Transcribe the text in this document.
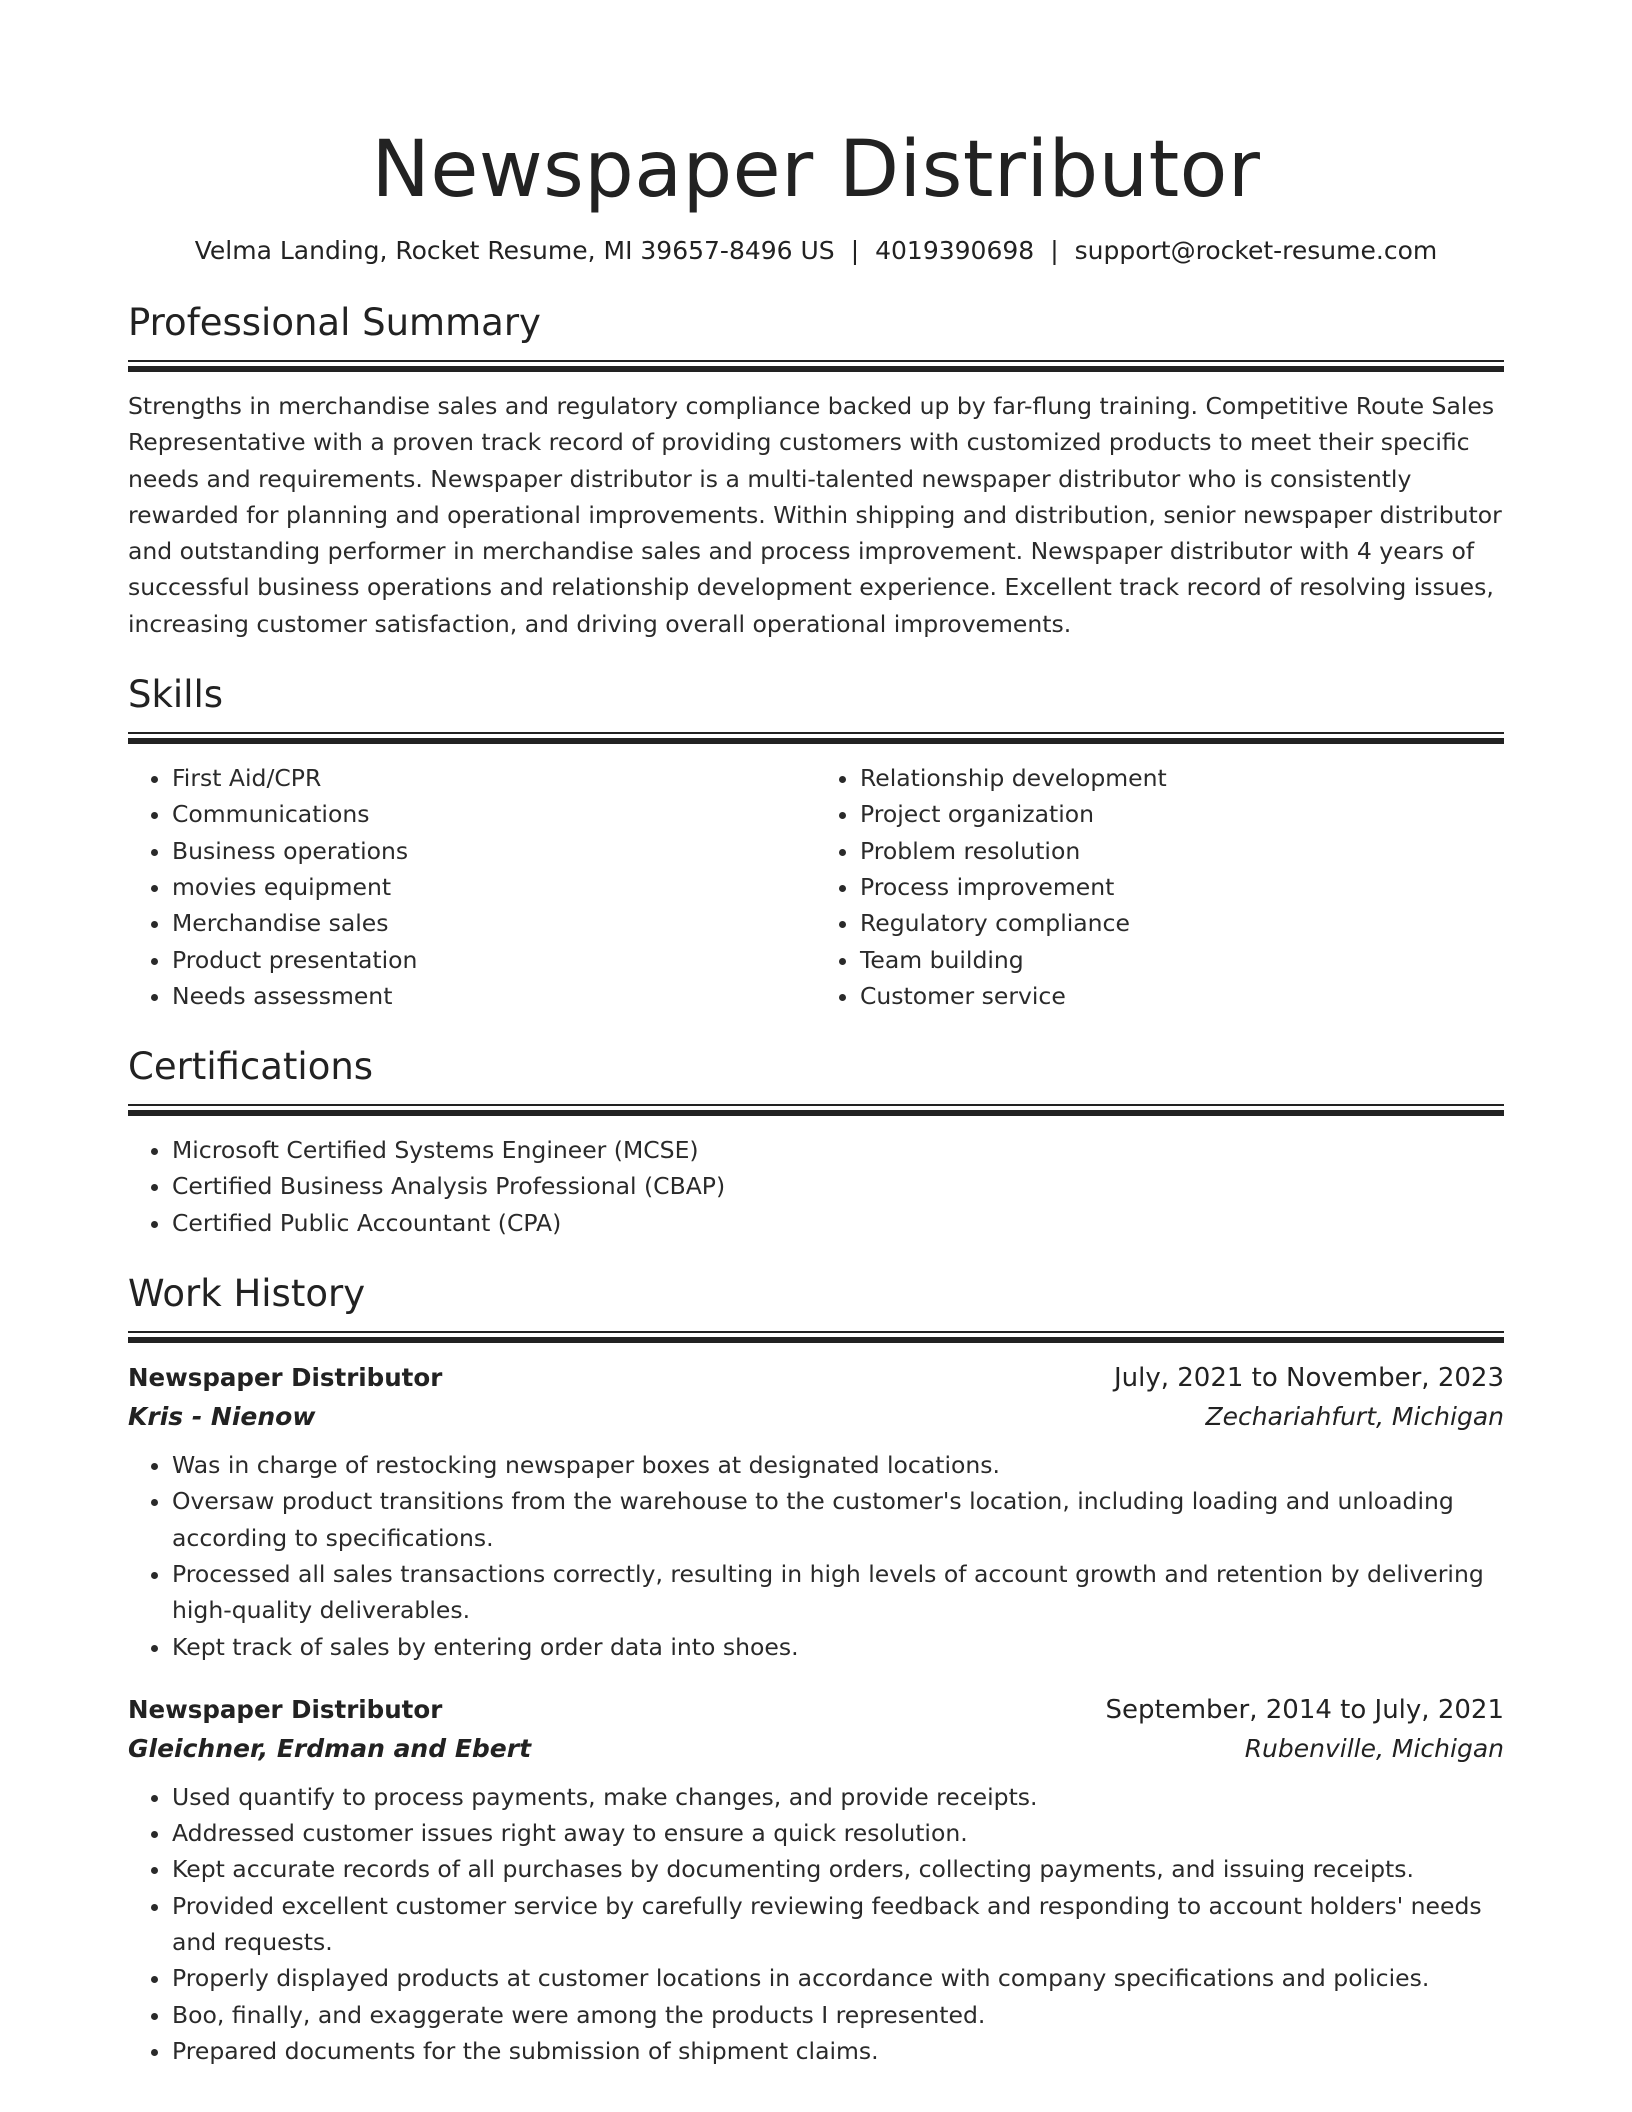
Newspaper Distributor
Velma Landing, Rocket Resume, MI 39657-8496 US | 4019390698 | support@rocket-resume.com
Professional Summary

Strengths in merchandise sales and regulatory compliance backed up by far-flung training. Competitive Route Sales Representative with a proven track record of providing customers with customized products to meet their specific needs and requirements. Newspaper distributor is a multi-talented newspaper distributor who is consistently rewarded for planning and operational improvements. Within shipping and distribution, senior newspaper distributor and outstanding performer in merchandise sales and process improvement. Newspaper distributor with 4 years of successful business operations and relationship development experience. Excellent track record of resolving issues, increasing customer satisfaction, and driving overall operational improvements.

Skills
• First Aid/CPR
• Communications
• Business operations
• movies equipment
• Merchandise sales
• Product presentation
• Needs assessment
• Relationship development
• Project organization
• Problem resolution
• Process improvement
• Regulatory compliance
• Team building
• Customer service
Certifications
• Microsoft Certified Systems Engineer (MCSE)
• Certified Business Analysis Professional (CBAP)
• Certified Public Accountant (CPA)
Work History
Newspaper Distributor	July, 2021 to November, 2023
Kris - Nienow	Zechariahfurt, Michigan
• Was in charge of restocking newspaper boxes at designated locations.
• Oversaw product transitions from the warehouse to the customer's location, including loading and unloading according to specifications.
• Processed all sales transactions correctly, resulting in high levels of account growth and retention by delivering high-quality deliverables.
• Kept track of sales by entering order data into shoes.
Newspaper Distributor	September, 2014 to July, 2021
Gleichner, Erdman and Ebert	Rubenville, Michigan
• Used quantify to process payments, make changes, and provide receipts.
• Addressed customer issues right away to ensure a quick resolution.
• Kept accurate records of all purchases by documenting orders, collecting payments, and issuing receipts.
• Provided excellent customer service by carefully reviewing feedback and responding to account holders' needs and requests.
• Properly displayed products at customer locations in accordance with company specifications and policies.
• Boo, finally, and exaggerate were among the products I represented.
• Prepared documents for the submission of shipment claims.
